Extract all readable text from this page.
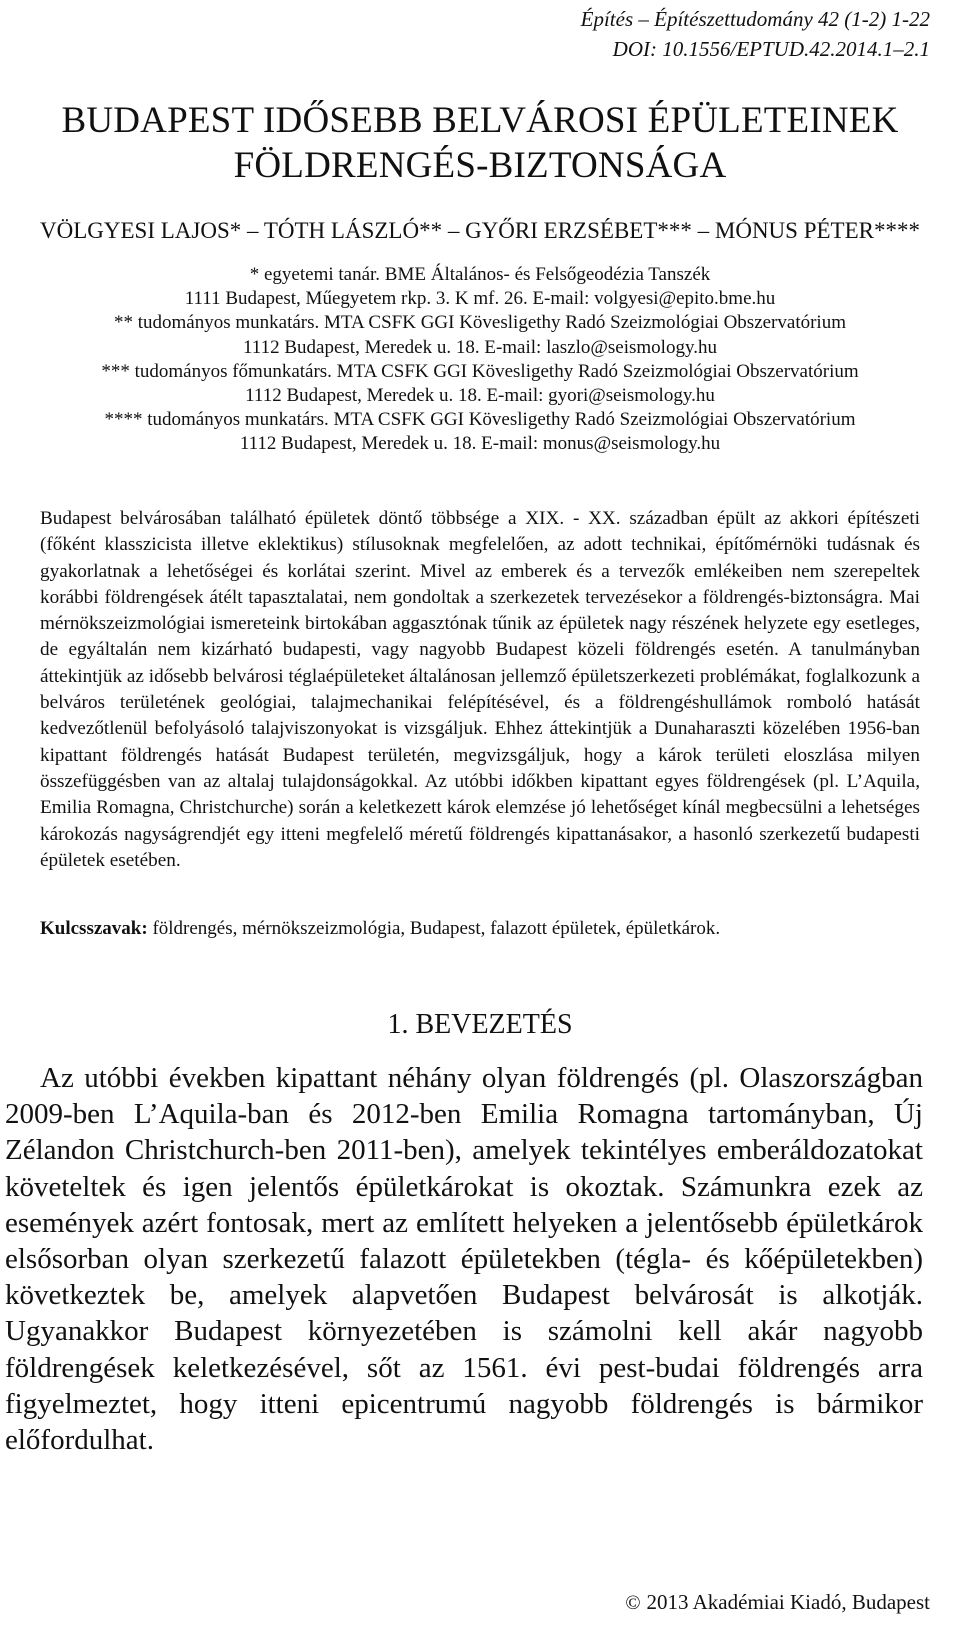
Építés – Építészettudomány 42 (1-2) 1-22
DOI: 10.1556/EPTUD.42.2014.1–2.1
BUDAPEST IDŐSEBB BELVÁROSI ÉPÜLETEINEK
FÖLDRENGÉS-BIZTONSÁGA
VÖLGYESI LAJOS* – TÓTH LÁSZLÓ** – GYŐRI ERZSÉBET*** – MÓNUS PÉTER****
* egyetemi tanár. BME Általános- és Felsőgeodézia Tanszék
1111 Budapest, Műegyetem rkp. 3. K mf. 26. E-mail: volgyesi@epito.bme.hu
** tudományos munkatárs. MTA CSFK GGI Kövesligethy Radó Szeizmológiai Obszervatórium
1112 Budapest, Meredek u. 18. E-mail: laszlo@seismology.hu
*** tudományos főmunkatárs. MTA CSFK GGI Kövesligethy Radó Szeizmológiai Obszervatórium
1112 Budapest, Meredek u. 18. E-mail: gyori@seismology.hu
**** tudományos munkatárs. MTA CSFK GGI Kövesligethy Radó Szeizmológiai Obszervatórium
1112 Budapest, Meredek u. 18. E-mail: monus@seismology.hu
Budapest belvárosában található épületek döntő többsége a XIX. - XX. században épült az akkori építészeti (főként klasszicista illetve eklektikus) stílusoknak megfelelően, az adott technikai, építőmérnöki tudásnak és gyakorlatnak a lehetőségei és korlátai szerint. Mivel az emberek és a tervezők emlékeiben nem szerepeltek korábbi földrengések átélt tapasztalatai, nem gondoltak a szerkezetek tervezésekor a földrengés-biztonságra. Mai mérnökszeizmológiai ismereteink birtokában aggasztónak tűnik az épületek nagy részének helyzete egy esetleges, de egyáltalán nem kizárható budapesti, vagy nagyobb Budapest közeli földrengés esetén. A tanulmányban áttekintjük az idősebb belvárosi téglaépületeket általánosan jellemző épületszerkezeti problémákat, foglalkozunk a belváros területének geológiai, talajmechanikai felépítésével, és a földrengéshullámok romboló hatását kedvezőtlenül befolyásoló talajviszonyokat is vizsgáljuk. Ehhez áttekintjük a Dunaharaszti közelében 1956-ban kipattant földrengés hatását Budapest területén, megvizsgáljuk, hogy a károk területi eloszlása milyen összefüggésben van az altalaj tulajdonságokkal. Az utóbbi időkben kipattant egyes földrengések (pl. L’Aquila, Emilia Romagna, Christchurche) során a keletkezett károk elemzése jó lehetőséget kínál megbecsülni a lehetséges károkozás nagyságrendjét egy itteni megfelelő méretű földrengés kipattanásakor, a hasonló szerkezetű budapesti épületek esetében.
Kulcsszavak: földrengés, mérnökszeizmológia, Budapest, falazott épületek, épületkárok.
1. BEVEZETÉS
Az utóbbi években kipattant néhány olyan földrengés (pl. Olaszországban 2009-ben L’Aquila-ban és 2012-ben Emilia Romagna tartományban, Új Zélandon Christchurch-ben 2011-ben), amelyek tekintélyes emberáldozatokat követeltek és igen jelentős épületkárokat is okoztak. Számunkra ezek az események azért fontosak, mert az említett helyeken a jelentősebb épületkárok elsősorban olyan szerkezetű falazott épületekben (tégla- és kőépületekben) következtek be, amelyek alapvetően Budapest belvárosát is alkotják. Ugyanakkor Budapest környezetében is számolni kell akár nagyobb földrengések keletkezésével, sőt az 1561. évi pest-budai földrengés arra figyelmeztet, hogy itteni epicentrumú nagyobb földrengés is bármikor előfordulhat.
© 2013 Akadémiai Kiadó, Budapest
